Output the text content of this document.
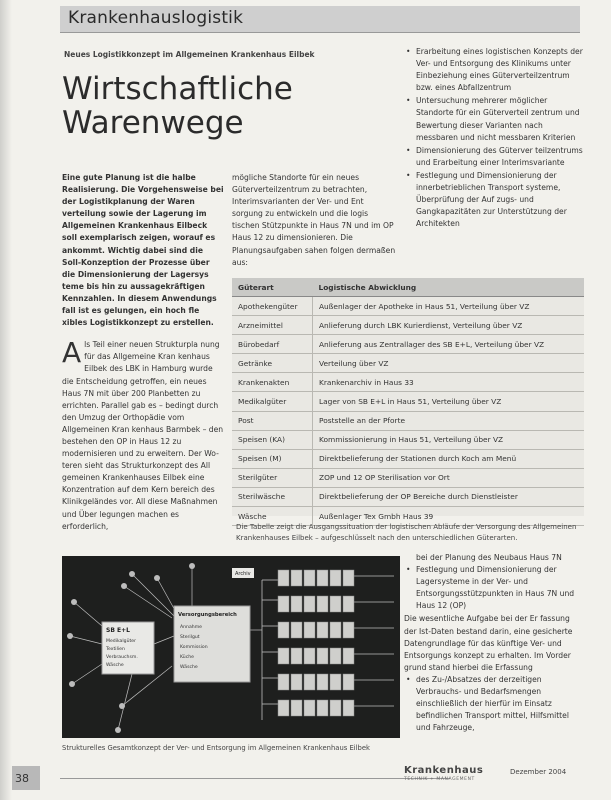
Krankenhauslogistik
Neues Logistikkonzept im Allgemeinen Krankenhaus Eilbek
Wirtschaftliche
Warenwege
• Erarbeitung eines logistischen Konzepts der Ver- und Entsorgung des Klinikums unter Einbeziehung eines Güterverteilzentrum bzw. eines Abfallzentrum
• Untersuchung mehrerer möglicher Standorte für ein Güterverteil zentrum und Bewertung dieser Varianten nach messbaren und nicht messbaren Kriterien
• Dimensionierung des Güterver teilzentrums und Erarbeitung einer Interimsvariante
• Festlegung und Dimensionierung der innerbetrieblichen Transport systeme, Überprüfung der Auf zugs- und Gangkapazitäten zur Unterstützung der Architekten

Eine gute Planung ist die halbe Realisierung. Die Vorgehensweise bei der Logistikplanung der Waren verteilung sowie der Lagerung im Allgemeinen Krankenhaus Eilbeck soll exemplarisch zeigen, worauf es ankommt. Wichtig dabei sind die Soll-Konzeption der Prozesse über die Dimensionierung der Lagersys teme bis hin zu aussagekräftigen Kennzahlen. In diesem Anwendungs fall ist es gelungen, ein hoch fle xibles Logistikkonzept zu erstellen.

Als Teil einer neuen Strukturpla nung für das Allgemeine Kran kenhaus Eilbek des LBK in Hamburg wurde die Entscheidung getroffen, ein neues Haus 7N mit über 200 Planbetten zu errichten. Parallel gab es – bedingt durch den Umzug der Orthopädie vom Allgemeinen Kran kenhaus Barmbek – den bestehen den OP in Haus 12 zu modernisieren und zu erweitern. Der Wo-teren sieht das Strukturkonzept des All gemeinen Krankenhauses Eilbek eine Konzentration auf dem Kern bereich des Klinikgeländes vor. All diese Maßnahmen und Über legungen machen es erforderlich,

mögliche Standorte für ein neues Güterverteilzentrum zu betrachten, Interimsvarianten der Ver- und Ent sorgung zu entwickeln und die logis tischen Stützpunkte in Haus 7N und im OP Haus 12 zu dimensionieren. Die Planungsaufgaben sahen folgen dermaßen aus:

Güterart	Logistische Abwicklung
Apothekengüter	Außenlager der Apotheke in Haus 51, Verteilung über VZ
Arzneimittel	Anlieferung durch LBK Kurierdienst, Verteilung über VZ
Bürobedarf	Anlieferung aus Zentrallager des SB E+L, Verteilung über VZ
Getränke	Verteilung über VZ
Krankenakten	Krankenarchiv in Haus 33
Medikalgüter	Lager von SB E+L in Haus 51, Verteilung über VZ
Post	Poststelle an der Pforte
Speisen (KA)	Kommissionierung in Haus 51, Verteilung über VZ
Speisen (M)	Direktbelieferung der Stationen durch Koch am Menü
Sterilgüter	ZOP und 12 OP Sterilisation vor Ort
Sterilwäsche	Direktbelieferung der OP Bereiche durch Dienstleister
Wäsche	Außenlager Tex Gmbh Haus 39
Die Tabelle zeigt die Ausgangssituation der logistischen Abläufe der Versorgung des Allgemeinen Krankenhauses Eilbek – aufgeschlüsselt nach den unterschiedlichen Güterarten.
SB E+L
Medikalgüter
Textilien
Verbrauchsm.
Wäsche
Versorgungsbereich
Annahme
Sterilgut
Kommission
Küche
Wäsche
Archiv
Strukturelles Gesamtkonzept der Ver- und Entsorgung im Allgemeinen Krankenhaus Eilbek

bei der Planung des Neubaus Haus 7N

• Festlegung und Dimensionierung der Lagersysteme in der Ver- und Entsorgungsstützpunkten in Haus 7N und Haus 12 (OP)

Die wesentliche Aufgabe bei der Er fassung der Ist-Daten bestand darin, eine gesicherte Datengrundlage für das künftige Ver- und Entsorgungs konzept zu erhalten. Im Vorder grund stand hierbei die Erfassung

• des Zu-/Absatzes der derzeitigen Verbrauchs- und Bedarfsmengen einschließlich der hierfür im Einsatz befindlichen Transport mittel, Hilfsmittel und Fahrzeuge,
38
Krankenhaus
TECHNIK + MANAGEMENT
Dezember 2004
